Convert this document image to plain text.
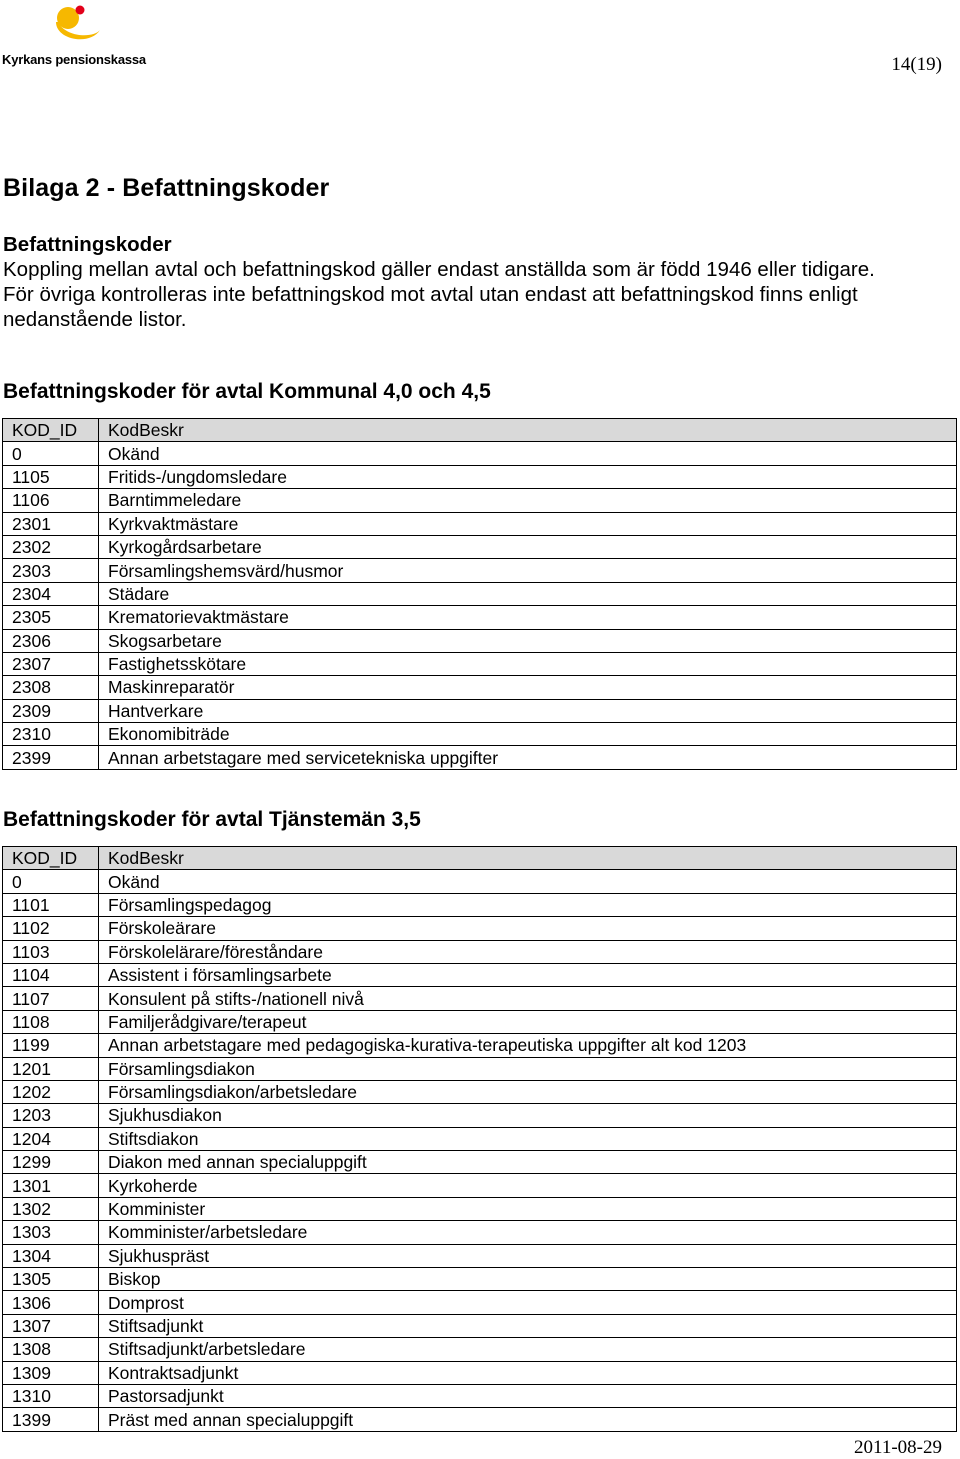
Kyrkans pensionskassa	14(19)
Bilaga 2 - Befattningskoder
Befattningskoder
Koppling mellan avtal och befattningskod gäller endast anställda som är född 1946 eller tidigare.
För övriga kontrolleras inte befattningskod mot avtal utan endast att befattningskod finns enligt nedanstående listor.
Befattningskoder för avtal Kommunal 4,0 och 4,5
KOD_ID	KodBeskr
0	Okänd
1105	Fritids-/ungdomsledare
1106	Barntimmeledare
2301	Kyrkvaktmästare
2302	Kyrkogårdsarbetare
2303	Församlingshemsvärd/husmor
2304	Städare
2305	Krematorievaktmästare
2306	Skogsarbetare
2307	Fastighetsskötare
2308	Maskinreparatör
2309	Hantverkare
2310	Ekonomibiträde
2399	Annan arbetstagare med servicetekniska uppgifter
Befattningskoder för avtal Tjänstemän 3,5
KOD_ID	KodBeskr
0	Okänd
1101	Församlingspedagog
1102	Förskoleärare
1103	Förskolelärare/föreståndare
1104	Assistent i församlingsarbete
1107	Konsulent på stifts-/nationell nivå
1108	Familjerådgivare/terapeut
1199	Annan arbetstagare med pedagogiska-kurativa-terapeutiska uppgifter alt kod 1203
1201	Församlingsdiakon
1202	Församlingsdiakon/arbetsledare
1203	Sjukhusdiakon
1204	Stiftsdiakon
1299	Diakon med annan specialuppgift
1301	Kyrkoherde
1302	Komminister
1303	Komminister/arbetsledare
1304	Sjukhuspräst
1305	Biskop
1306	Domprost
1307	Stiftsadjunkt
1308	Stiftsadjunkt/arbetsledare
1309	Kontraktsadjunkt
1310	Pastorsadjunkt
1399	Präst med annan specialuppgift
2011-08-29
